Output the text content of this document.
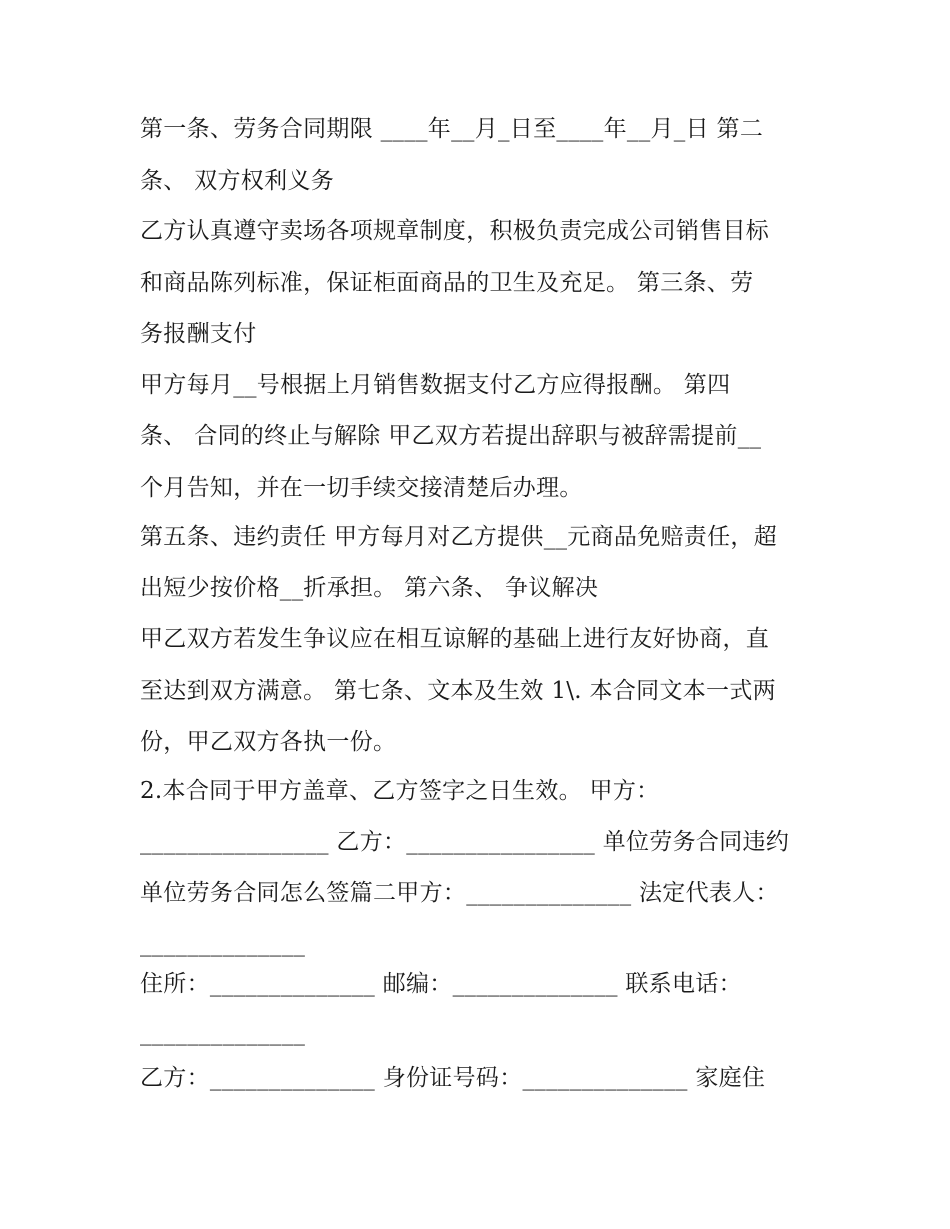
第一条、劳务合同期限 ____年__月_日至____年__月_日 第二
条、 双方权利义务
乙方认真遵守卖场各项规章制度，积极负责完成公司销售目标
和商品陈列标准，保证柜面商品的卫生及充足。 第三条、劳
务报酬支付
甲方每月__号根据上月销售数据支付乙方应得报酬。 第四
条、 合同的终止与解除 甲乙双方若提出辞职与被辞需提前__
个月告知，并在一切手续交接清楚后办理。
第五条、违约责任 甲方每月对乙方提供__元商品免赔责任，超
出短少按价格__折承担。 第六条、 争议解决
甲乙双方若发生争议应在相互谅解的基础上进行友好协商，直
至达到双方满意。 第七条、文本及生效 1\. 本合同文本一式两
份，甲乙双方各执一份。
2.本合同于甲方盖章、乙方签字之日生效。 甲方：
________________ 乙方：________________ 单位劳务合同违约
单位劳务合同怎么签篇二甲方：______________ 法定代表人：
______________
住所：______________ 邮编：______________ 联系电话：
______________
乙方：______________ 身份证号码：______________ 家庭住
